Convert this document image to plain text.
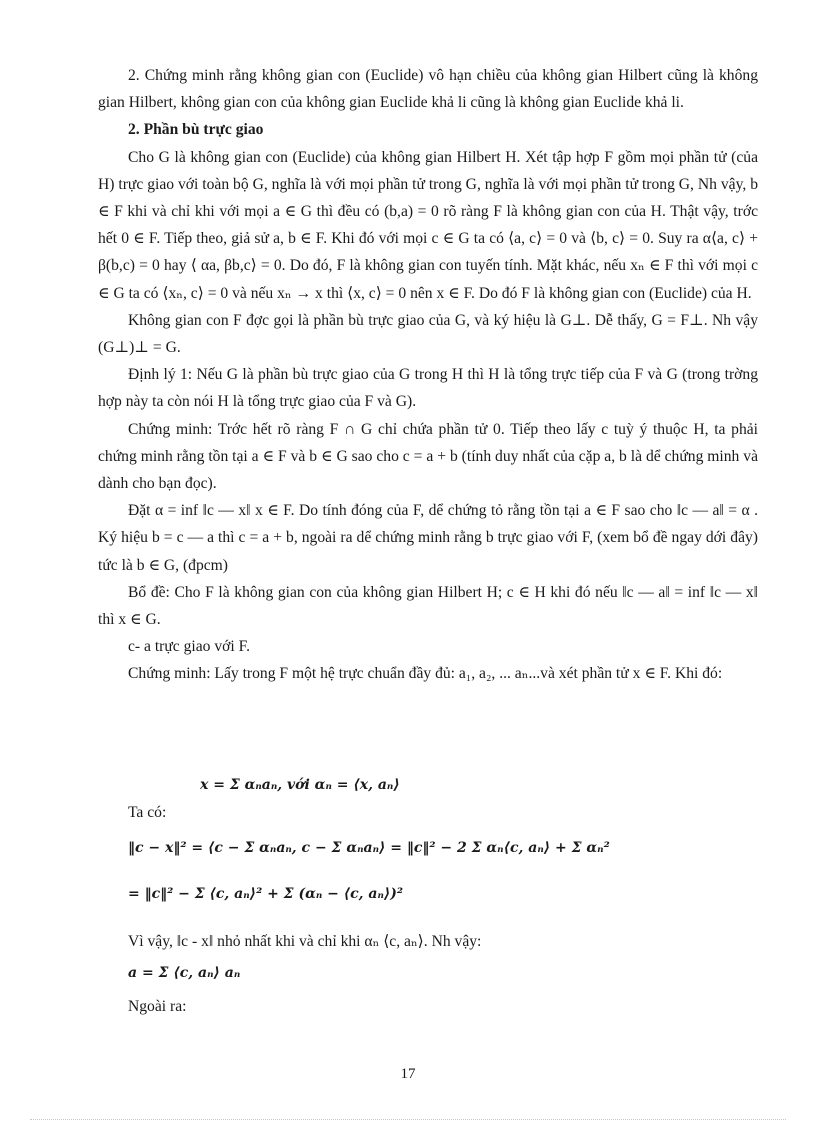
2. Chứng minh rằng không gian con (Euclide) vô hạn chiều của không gian Hilbert cũng là không gian Hilbert, không gian con của không gian Euclide khả li cũng là không gian Euclide khả li.

2. Phần bù trực giao

Cho G là không gian con (Euclide) của không gian Hilbert H. Xét tập hợp F gồm mọi phần tử (của H) trực giao với toàn bộ G, nghĩa là với mọi phần tử trong G, nghĩa là với mọi phần tử trong G, Nh vậy, b ∈ F khi và chỉ khi với mọi a ∈ G thì đều có (b,a) = 0 rõ ràng F là không gian con của H. Thật vậy, trớc hết 0 ∈ F. Tiếp theo, giả sử a, b ∈ F. Khi đó với mọi c ∈ G ta có ⟨a, c⟩ = 0 và ⟨b, c⟩ = 0. Suy ra α⟨a, c⟩ + β(b,c) = 0 hay ⟨ αa, βb,c⟩ = 0. Do đó, F là không gian con tuyến tính. Mặt khác, nếu xₙ ∈ F thì với mọi c ∈ G ta có ⟨xₙ, c⟩ = 0 và nếu xₙ → x thì ⟨x, c⟩ = 0 nên x ∈ F. Do đó F là không gian con (Euclide) của H.

Không gian con F đợc gọi là phần bù trực giao của G, và ký hiệu là G⊥. Dễ thấy, G = F⊥. Nh vậy (G⊥)⊥ = G.

Định lý 1: Nếu G là phần bù trực giao của G trong H thì H là tổng trực tiếp của F và G (trong trờng hợp này ta còn nói H là tổng trực giao của F và G).

Chứng minh: Trớc hết rõ ràng F ∩ G chỉ chứa phần tử 0. Tiếp theo lấy c tuỳ ý thuộc H, ta phải chứng minh rằng tồn tại a ∈ F và b ∈ G sao cho c = a + b (tính duy nhất của cặp a, b là dể chứng minh và dành cho bạn đọc).

Đặt α = inf ‖c — x‖ x ∈ F. Do tính đóng của F, dể chứng tỏ rằng tồn tại a ∈ F sao cho ‖c — a‖ = α . Ký hiệu b = c — a thì c = a + b, ngoài ra dể chứng minh rằng b trực giao với F, (xem bổ đề ngay dới đây) tức là b ∈ G, (đpcm)

Bổ đề: Cho F là không gian con của không gian Hilbert H; c ∈ H khi đó nếu ‖c — a‖ = inf ‖c — x‖ thì x ∈ G.

c- a trực giao với F.

Chứng minh: Lấy trong F một hệ trực chuẩn đầy đủ: a₁, a₂, ... aₙ...và xét phần tử x ∈ F. Khi đó:

x = Σ αₙaₙ, với αₙ = ⟨x, aₙ⟩
Ta có:
‖c − x‖² = ⟨c − Σ αₙaₙ, c − Σ αₙaₙ⟩ = ‖c‖² − 2 Σ αₙ⟨c, aₙ⟩ + Σ αₙ²
= ‖c‖² − Σ ⟨c, aₙ⟩² + Σ (αₙ − ⟨c, aₙ⟩)²
Vì vậy, ‖c - x‖ nhỏ nhất khi và chỉ khi αₙ ⟨c, aₙ⟩. Nh vậy:
a = Σ ⟨c, aₙ⟩ aₙ
Ngoài ra:
17
